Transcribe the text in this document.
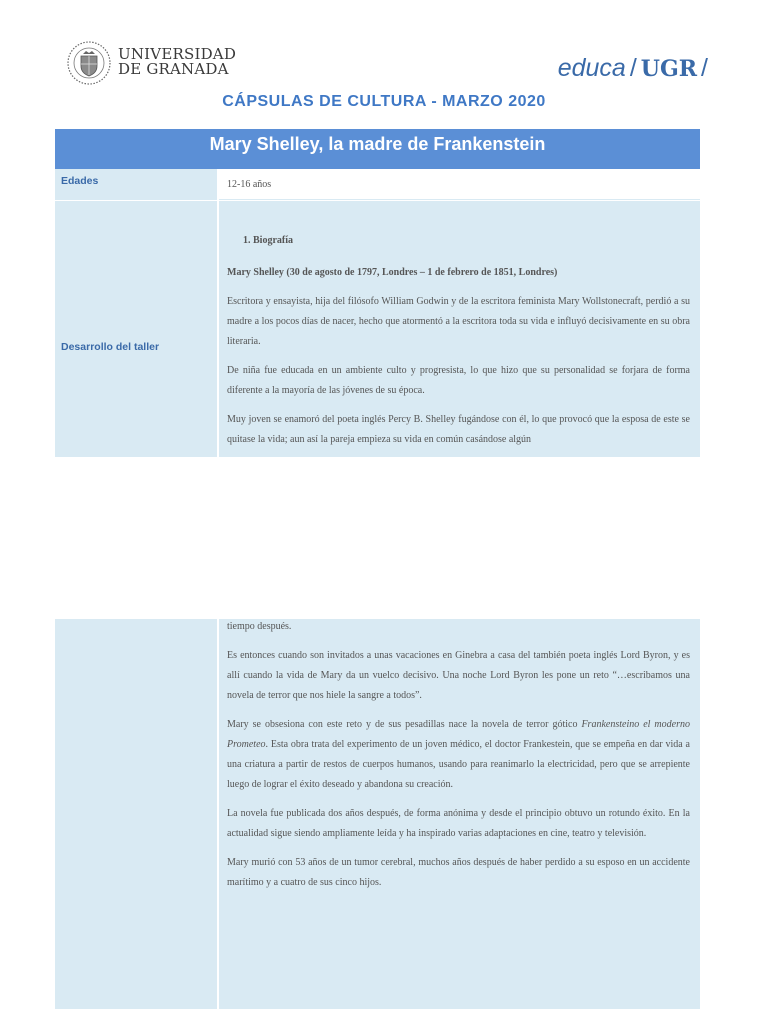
UNIVERSIDAD
DE GRANADA	educa / UGR /
CÁPSULAS DE CULTURA - MARZO 2020
Mary Shelley, la madre de Frankenstein
Edades	12-16 años
Desarrollo del taller

1. Biografía

Mary Shelley (30 de agosto de 1797, Londres – 1 de febrero de 1851, Londres)

Escritora y ensayista, hija del filósofo William Godwin y de la escritora feminista Mary Wollstonecraft, perdió a su madre a los pocos días de nacer, hecho que atormentó a la escritora toda su vida e influyó decisivamente en su obra literaria.

De niña fue educada en un ambiente culto y progresista, lo que hizo que su personalidad se forjara de forma diferente a la mayoría de las jóvenes de su época.

Muy joven se enamoró del poeta inglés Percy B. Shelley fugándose con él, lo que provocó que la esposa de este se quitase la vida; aun así la pareja empieza su vida en común casándose algún

tiempo después.

Es entonces cuando son invitados a unas vacaciones en Ginebra a casa del también poeta inglés Lord Byron, y es allí cuando la vida de Mary da un vuelco decisivo. Una noche Lord Byron les pone un reto “…escribamos una novela de terror que nos hiele la sangre a todos”.

Mary se obsesiona con este reto y de sus pesadillas nace la novela de terror gótico Frankensteino el moderno Prometeo. Esta obra trata del experimento de un joven médico, el doctor Frankestein, que se empeña en dar vida a una criatura a partir de restos de cuerpos humanos, usando para reanimarlo la electricidad, pero que se arrepiente luego de lograr el éxito deseado y abandona su creación.

La novela fue publicada dos años después, de forma anónima y desde el principio obtuvo un rotundo éxito. En la actualidad sigue siendo ampliamente leída y ha inspirado varias adaptaciones en cine, teatro y televisión.

Mary murió con 53 años de un tumor cerebral, muchos años después de haber perdido a su esposo en un accidente marítimo y a cuatro de sus cinco hijos.
